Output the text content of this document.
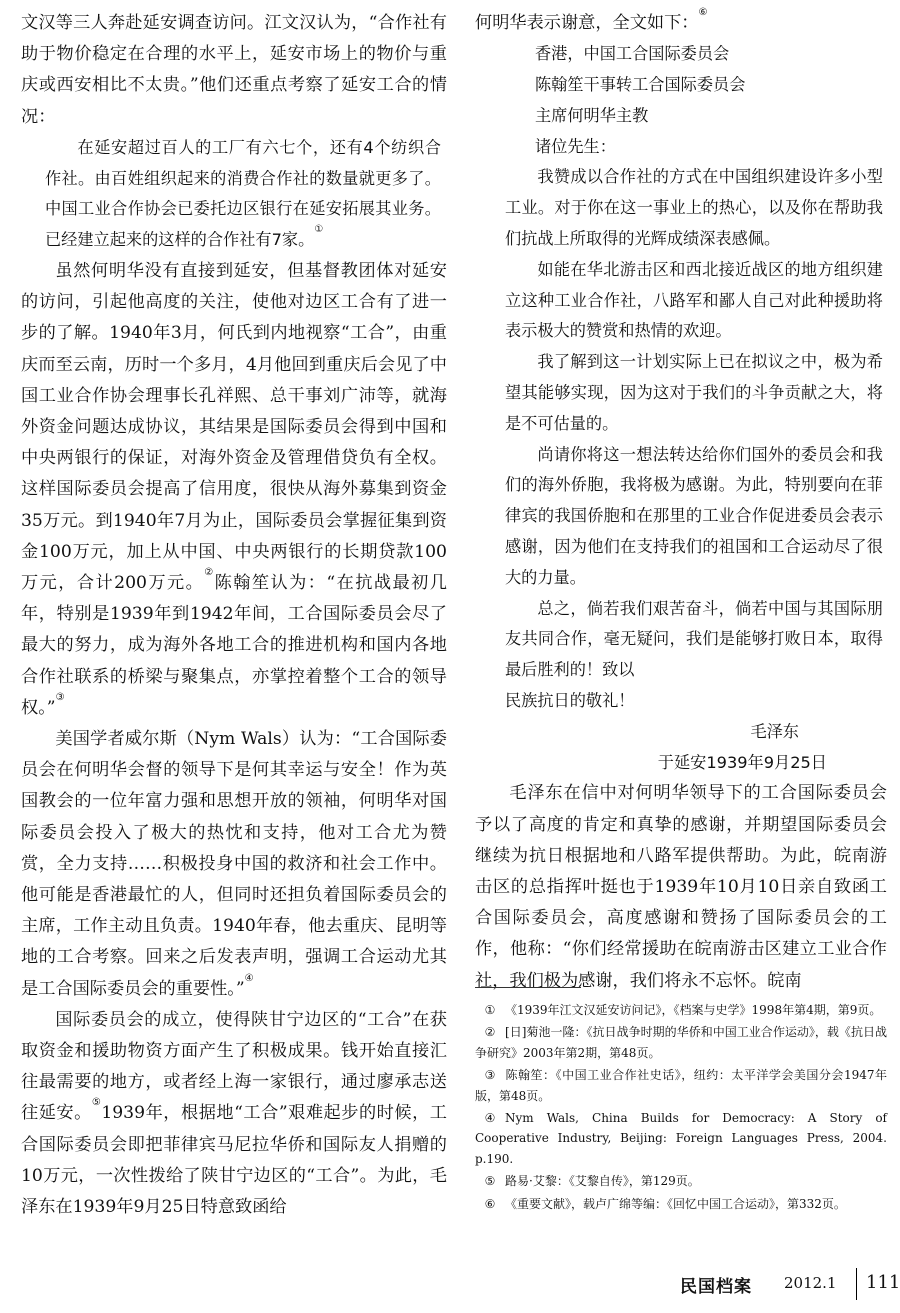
文汉等三人奔赴延安调查访问。江文汉认为，“合作社有助于物价稳定在合理的水平上，延安市场上的物价与重庆或西安相比不太贵。”他们还重点考察了延安工合的情况：

在延安超过百人的工厂有六七个，还有4个纺织合作社。由百姓组织起来的消费合作社的数量就更多了。中国工业合作协会已委托边区银行在延安拓展其业务。已经建立起来的这样的合作社有7家。①

虽然何明华没有直接到延安，但基督教团体对延安的访问，引起他高度的关注，使他对边区工合有了进一步的了解。1940年3月，何氏到内地视察“工合”，由重庆而至云南，历时一个多月，4月他回到重庆后会见了中国工业合作协会理事长孔祥熙、总干事刘广沛等，就海外资金问题达成协议，其结果是国际委员会得到中国和中央两银行的保证，对海外资金及管理借贷负有全权。这样国际委员会提高了信用度，很快从海外募集到资金35万元。到1940年7月为止，国际委员会掌握征集到资金100万元，加上从中国、中央两银行的长期贷款100万元，合计200万元。②陈翰笙认为：“在抗战最初几年，特别是1939年到1942年间，工合国际委员会尽了最大的努力，成为海外各地工合的推进机构和国内各地合作社联系的桥梁与聚集点，亦掌控着整个工合的领导权。”③

美国学者威尔斯（Nym Wals）认为：“工合国际委员会在何明华会督的领导下是何其幸运与安全！作为英国教会的一位年富力强和思想开放的领袖，何明华对国际委员会投入了极大的热忱和支持，他对工合尤为赞赏，全力支持……积极投身中国的救济和社会工作中。他可能是香港最忙的人，但同时还担负着国际委员会的主席，工作主动且负责。1940年春，他去重庆、昆明等地的工合考察。回来之后发表声明，强调工合运动尤其是工合国际委员会的重要性。”④

国际委员会的成立，使得陕甘宁边区的“工合”在获取资金和援助物资方面产生了积极成果。钱开始直接汇往最需要的地方，或者经上海一家银行，通过廖承志送往延安。⑤1939年，根据地“工合”艰难起步的时候，工合国际委员会即把菲律宾马尼拉华侨和国际友人捐赠的10万元，一次性拨给了陕甘宁边区的“工合”。为此，毛泽东在1939年9月25日特意致函给

何明华表示谢意，全文如下：⑥

香港，中国工合国际委员会

陈翰笙干事转工合国际委员会

主席何明华主教

诸位先生：

我赞成以合作社的方式在中国组织建设许多小型工业。对于你在这一事业上的热心，以及你在帮助我们抗战上所取得的光辉成绩深表感佩。

如能在华北游击区和西北接近战区的地方组织建立这种工业合作社，八路军和鄙人自己对此种援助将表示极大的赞赏和热情的欢迎。

我了解到这一计划实际上已在拟议之中，极为希望其能够实现，因为这对于我们的斗争贡献之大，将是不可估量的。

尚请你将这一想法转达给你们国外的委员会和我们的海外侨胞，我将极为感谢。为此，特别要向在菲律宾的我国侨胞和在那里的工业合作促进委员会表示感谢，因为他们在支持我们的祖国和工合运动尽了很大的力量。

总之，倘若我们艰苦奋斗，倘若中国与其国际朋友共同合作，毫无疑问，我们是能够打败日本，取得最后胜利的！致以

民族抗日的敬礼！

毛泽东

于延安1939年9月25日

毛泽东在信中对何明华领导下的工合国际委员会予以了高度的肯定和真挚的感谢，并期望国际委员会继续为抗日根据地和八路军提供帮助。为此，皖南游击区的总指挥叶挺也于1939年10月10日亲自致函工合国际委员会，高度感谢和赞扬了国际委员会的工作，他称：“你们经常援助在皖南游击区建立工业合作社，我们极为感谢，我们将永不忘怀。皖南

① 《1939年江文汉延安访问记》，《档案与史学》1998年第4期，第9页。

② [日]菊池一隆：《抗日战争时期的华侨和中国工业合作运动》，载《抗日战争研究》2003年第2期，第48页。

③ 陈翰笙：《中国工业合作社史话》，纽约：太平洋学会美国分会1947年版，第48页。

④ Nym Wals, China Builds for Democracy: A Story of Cooperative Industry, Beijing: Foreign Languages Press, 2004. p.190.

⑤ 路易·艾黎：《艾黎自传》，第129页。

⑥ 《重要文献》，载卢广绵等编：《回忆中国工合运动》，第332页。

民国档案 2012.1 111
